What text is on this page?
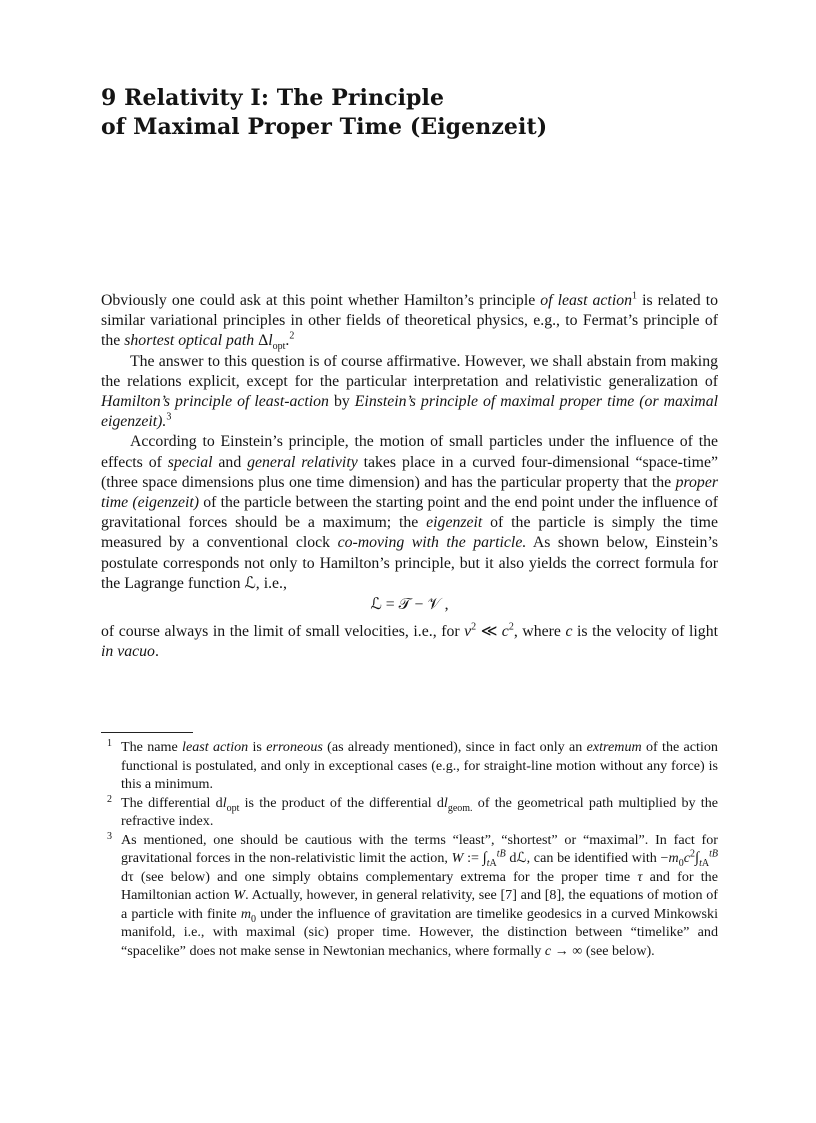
9 Relativity I: The Principle
of Maximal Proper Time (Eigenzeit)

Obviously one could ask at this point whether Hamilton’s principle of least action$^1$ is related to similar variational principles in other fields of theoretical physics, e.g., to Fermat’s principle of the shortest optical path $\Delta l_{opt}.^2$

The answer to this question is of course affirmative. However, we shall abstain from making the relations explicit, except for the particular interpretation and relativistic generalization of Hamilton’s principle of least-action by Einstein’s principle of maximal proper time (or maximal eigenzeit).$^3$

According to Einstein’s principle, the motion of small particles under the influence of the effects of special and general relativity takes place in a curved four-dimensional “space-time” (three space dimensions plus one time dimension) and has the particular property that the proper time (eigenzeit) of the particle between the starting point and the end point under the influence of gravitational forces should be a maximum; the eigenzeit of the particle is simply the time measured by a conventional clock co-moving with the particle. As shown below, Einstein’s postulate corresponds not only to Hamilton’s principle, but it also yields the correct formula for the Lagrange function ℒ, i.e.,

ℒ = 𝒯 − 𝒱 ,

of course always in the limit of small velocities, i.e., for $v^2$ ≪ $c^2$, where c is the velocity of light in vacuo.

1 The name least action is erroneous (as already mentioned), since in fact only an extremum of the action functional is postulated, and only in exceptional cases (e.g., for straight-line motion without any force) is this a minimum.

2 The differential $dl_{opt}$ is the product of the differential $dl_{geom.}$ of the geometrical path multiplied by the refractive index.

3 As mentioned, one should be cautious with the terms “least”, “shortest” or “maximal”. In fact for gravitational forces in the non-relativistic limit the action, W := $\int_{tA}^{tB}$ dℒ, can be identified with $-m_0c^2\int_{tA}^{tB}$ dτ (see below) and one simply obtains complementary extrema for the proper time τ and for the Hamiltonian action W. Actually, however, in general relativity, see [7] and [8], the equations of motion of a particle with finite $m_0$ under the influence of gravitation are timelike geodesics in a curved Minkowski manifold, i.e., with maximal (sic) proper time. However, the distinction between “timelike” and “spacelike” does not make sense in Newtonian mechanics, where formally c → ∞ (see below).
